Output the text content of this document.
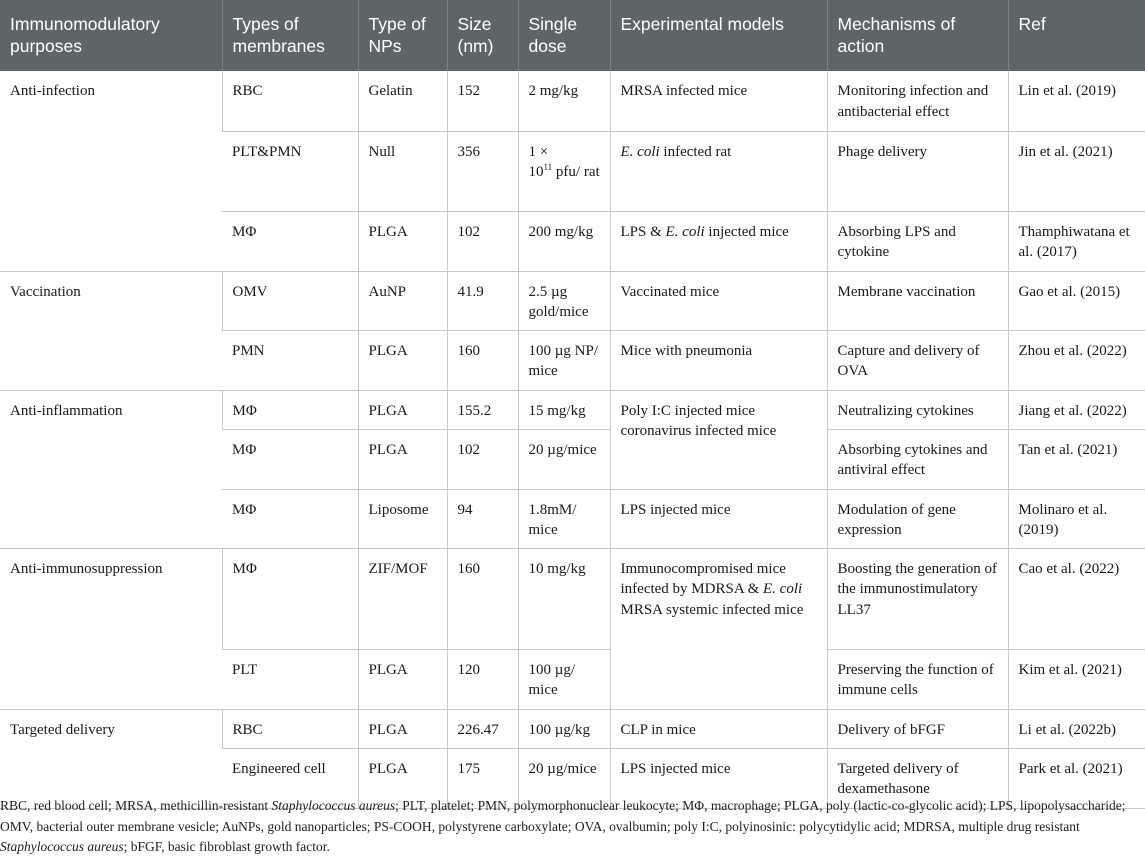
Immunomodulatory purposes	Types of membranes	Type of NPs	Size (nm)	Single dose	Experimental models	Mechanisms of action	Ref
Anti-infection	RBC	Gelatin	152	2 mg/kg	MRSA infected mice	Monitoring infection and antibacterial effect	Lin et al. (2019)
	PLT&PMN	Null	356	1 ×
$10^{11}$ pfu/ rat	E. coli infected rat	Phage delivery	Jin et al. (2021)
	MΦ	PLGA	102	200 mg/kg	LPS & E. coli injected mice	Absorbing LPS and cytokine	Thamphiwatana et al. (2017)
Vaccination	OMV	AuNP	41.9	2.5 µg gold/mice	Vaccinated mice	Membrane vaccination	Gao et al. (2015)
	PMN	PLGA	160	100 µg NP/ mice	Mice with pneumonia	Capture and delivery of OVA	Zhou et al. (2022)
Anti-inflammation	MΦ	PLGA	155.2	15 mg/kg	Poly I:C injected mice coronavirus infected mice	Neutralizing cytokines	Jiang et al. (2022)
	MΦ	PLGA	102	20 µg/mice		Absorbing cytokines and antiviral effect	Tan et al. (2021)
	MΦ	Liposome	94	1.8mM/ mice	LPS injected mice	Modulation of gene expression	Molinaro et al. (2019)
Anti-immunosuppression	MΦ	ZIF/MOF	160	10 mg/kg	Immunocompromised mice infected by MDRSA & E. coli MRSA systemic infected mice	Boosting the generation of the immunostimulatory LL37	Cao et al. (2022)
	PLT	PLGA	120	100 µg/ mice		Preserving the function of immune cells	Kim et al. (2021)
Targeted delivery	RBC	PLGA	226.47	100 µg/kg	CLP in mice	Delivery of bFGF	Li et al. (2022b)
	Engineered cell	PLGA	175	20 µg/mice	LPS injected mice	Targeted delivery of dexamethasone	Park et al. (2021)

RBC, red blood cell; MRSA, methicillin-resistant Staphylococcus aureus; PLT, platelet; PMN, polymorphonuclear leukocyte; MΦ, macrophage; PLGA, poly (lactic-co-glycolic acid); LPS, lipopolysaccharide; OMV, bacterial outer membrane vesicle; AuNPs, gold nanoparticles; PS-COOH, polystyrene carboxylate; OVA, ovalbumin; poly I:C, polyinosinic: polycytidylic acid; MDRSA, multiple drug resistant Staphylococcus aureus; bFGF, basic fibroblast growth factor.
